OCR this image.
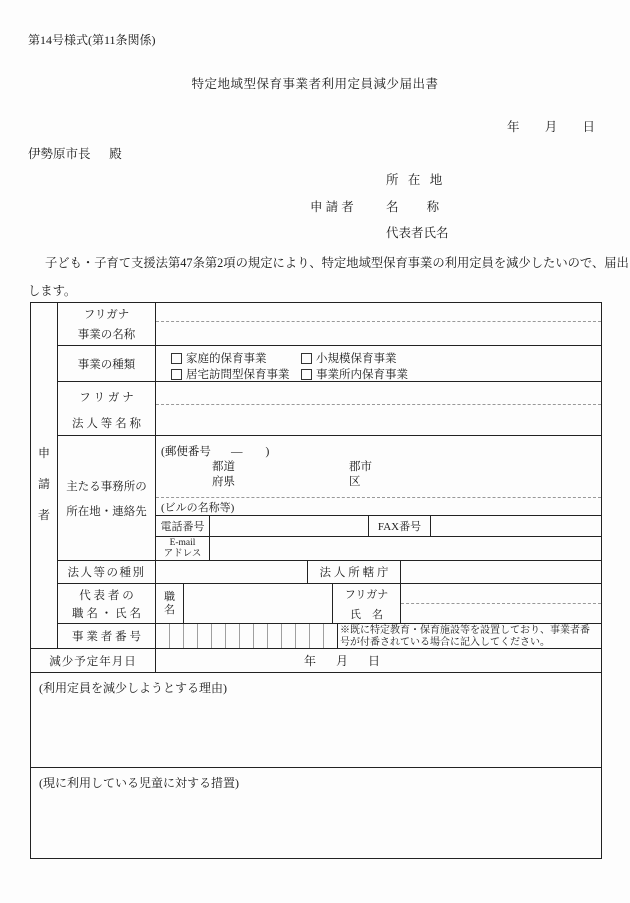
第14号様式(第11条関係)
特定地域型保育事業者利用定員減少届出書
年 月 日
伊勢原市長      殿
申 請 者
所   在   地
名         称
代表者氏名
子ども・子育て支援法第47条第2項の規定により、特定地域型保育事業の利用定員を減少したいので、届出
します。
申請者
フリガナ
事業の名称
事業の種類	家庭的保育事業	小規模保育事業
居宅訪問型保育事業 事業所内保育事業
フ リ ガ ナ
法 人 等 名 称
主たる事務所の
所在地・連絡先
(郵便番号       —        )
都道
府県
郡市
区
(ビルの名称等)
電話番号	FAX番号
E-mail
アドレス
法人等の種別	法 人 所 轄 庁
代 表 者 の
職 名 ・ 氏 名
職名
フリガナ
氏    名
事 業 者 番 号
※既に特定教育・保育施設等を設置しており、事業者番号が付番されている場合に記入してください。
減少予定年月日	年 月 日
(利用定員を減少しようとする理由)
(現に利用している児童に対する措置)
